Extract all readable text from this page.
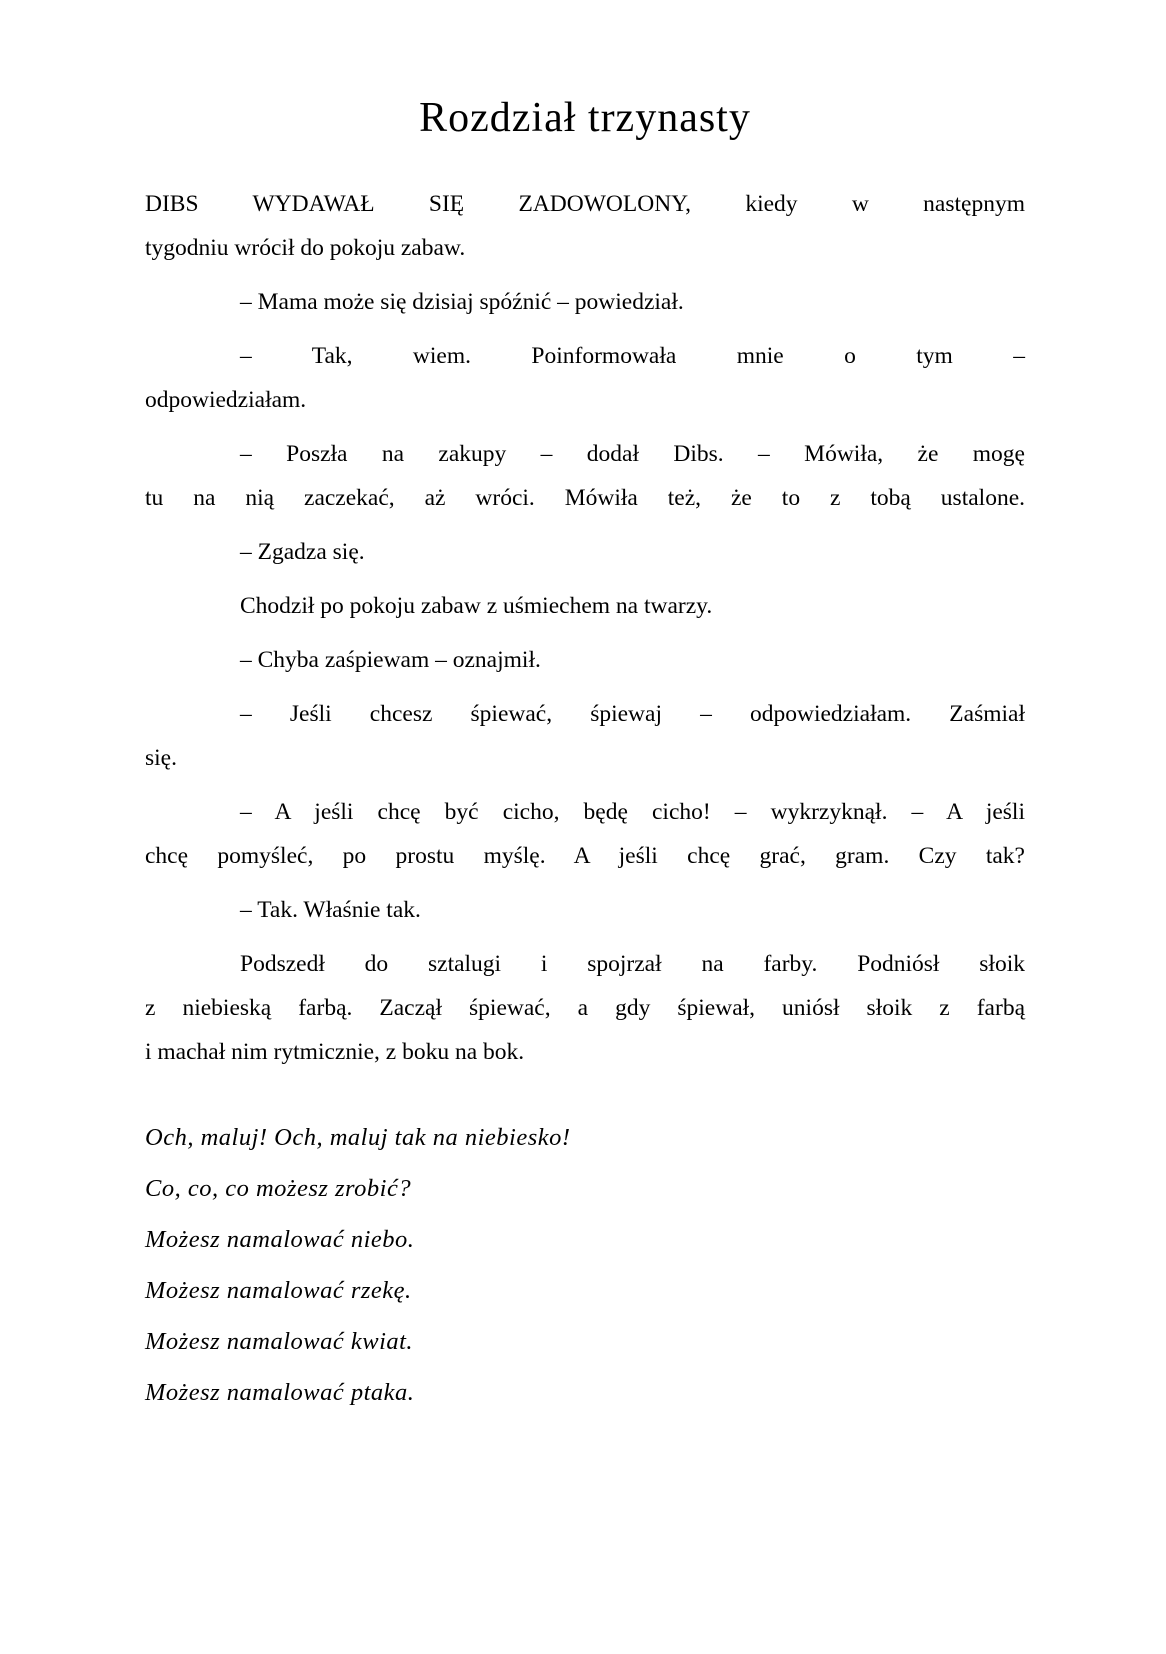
Rozdział trzynasty
DIBS WYDAWAŁ SIĘ ZADOWOLONY, kiedy w następnym
tygodniu wrócił do pokoju zabaw.
– Mama może się dzisiaj spóźnić – powiedział.
– Tak, wiem. Poinformowała mnie o tym –
odpowiedziałam.
– Poszła na zakupy – dodał Dibs. – Mówiła, że mogę
tu na nią zaczekać, aż wróci. Mówiła też, że to z tobą ustalone.
– Zgadza się.
Chodził po pokoju zabaw z uśmiechem na twarzy.
– Chyba zaśpiewam – oznajmił.
– Jeśli chcesz śpiewać, śpiewaj – odpowiedziałam. Zaśmiał
się.
– A jeśli chcę być cicho, będę cicho! – wykrzyknął. – A jeśli
chcę pomyśleć, po prostu myślę. A jeśli chcę grać, gram. Czy tak?
– Tak. Właśnie tak.
Podszedł do sztalugi i spojrzał na farby. Podniósł słoik
z niebieską farbą. Zaczął śpiewać, a gdy śpiewał, uniósł słoik z farbą
i machał nim rytmicznie, z boku na bok.
Och, maluj! Och, maluj tak na niebiesko!
Co, co, co możesz zrobić?
Możesz namalować niebo.
Możesz namalować rzekę.
Możesz namalować kwiat.
Możesz namalować ptaka.
